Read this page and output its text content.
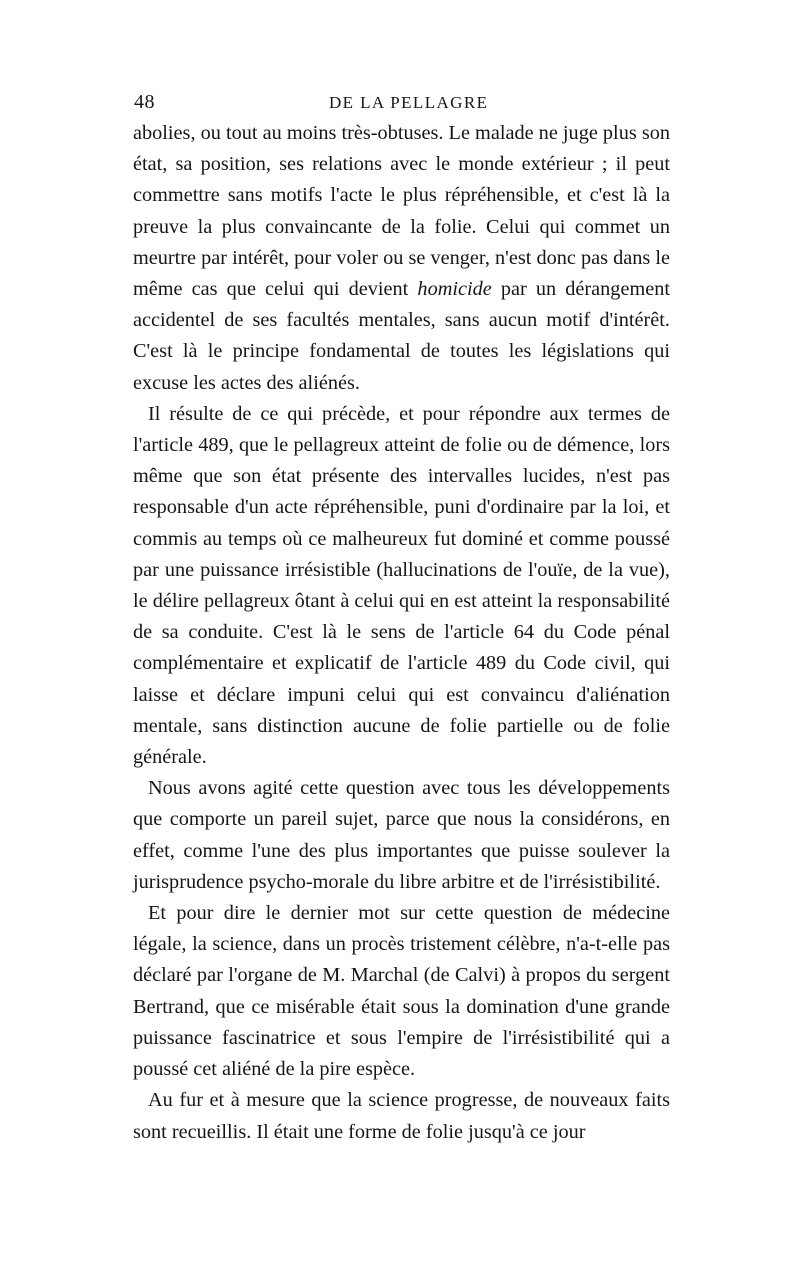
48	DE LA PELLAGRE

abolies, ou tout au moins très-obtuses. Le malade ne juge plus son état, sa position, ses relations avec le monde extérieur ; il peut commettre sans motifs l'acte le plus répréhensible, et c'est là la preuve la plus convaincante de la folie. Celui qui commet un meurtre par intérêt, pour voler ou se venger, n'est donc pas dans le même cas que celui qui devient homicide par un dérangement accidentel de ses facultés mentales, sans aucun motif d'intérêt. C'est là le principe fondamental de toutes les législations qui excuse les actes des aliénés.

Il résulte de ce qui précède, et pour répondre aux termes de l'article 489, que le pellagreux atteint de folie ou de démence, lors même que son état présente des intervalles lucides, n'est pas responsable d'un acte répréhensible, puni d'ordinaire par la loi, et commis au temps où ce malheureux fut dominé et comme poussé par une puissance irrésistible (hallucinations de l'ouïe, de la vue), le délire pellagreux ôtant à celui qui en est atteint la responsabilité de sa conduite. C'est là le sens de l'article 64 du Code pénal complémentaire et explicatif de l'article 489 du Code civil, qui laisse et déclare impuni celui qui est convaincu d'aliénation mentale, sans distinction aucune de folie partielle ou de folie générale.

Nous avons agité cette question avec tous les développements que comporte un pareil sujet, parce que nous la considérons, en effet, comme l'une des plus importantes que puisse soulever la jurisprudence psycho-morale du libre arbitre et de l'irrésistibilité.

Et pour dire le dernier mot sur cette question de médecine légale, la science, dans un procès tristement célèbre, n'a-t-elle pas déclaré par l'organe de M. Marchal (de Calvi) à propos du sergent Bertrand, que ce misérable était sous la domination d'une grande puissance fascinatrice et sous l'empire de l'irrésistibilité qui a poussé cet aliéné de la pire espèce.

Au fur et à mesure que la science progresse, de nouveaux faits sont recueillis. Il était une forme de folie jusqu'à ce jour
